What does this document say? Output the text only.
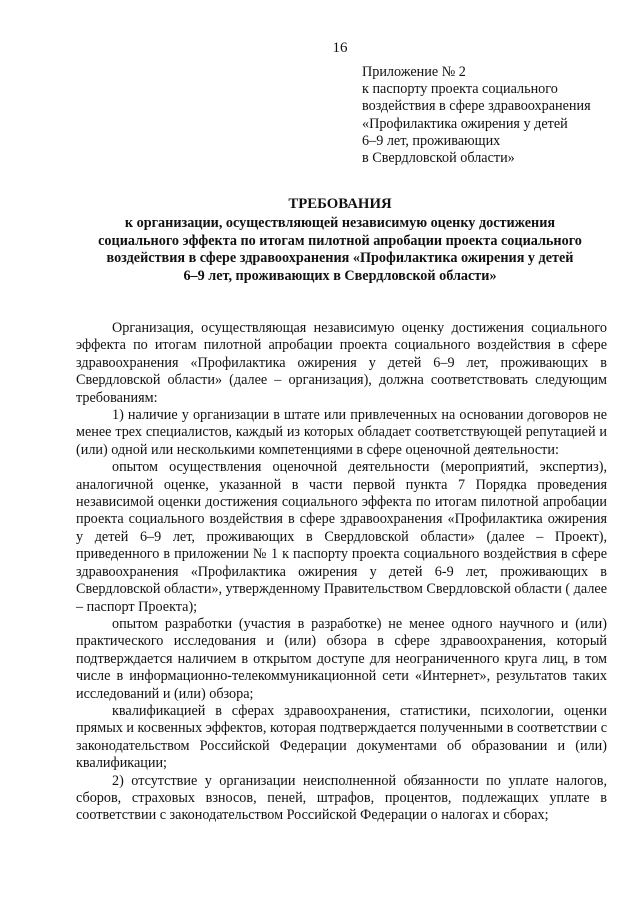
16
Приложение № 2
к паспорту проекта социального
воздействия в сфере здравоохранения
«Профилактика ожирения у детей
6–9 лет, проживающих
в Свердловской области»
ТРЕБОВАНИЯ
к организации, осуществляющей независимую оценку достижения
социального эффекта по итогам пилотной апробации проекта социального
воздействия в сфере здравоохранения «Профилактика ожирения у детей
6–9 лет, проживающих в Свердловской области»

Организация, осуществляющая независимую оценку достижения социального эффекта по итогам пилотной апробации проекта социального воздействия в сфере здравоохранения «Профилактика ожирения у детей 6–9 лет, проживающих в Свердловской области» (далее – организация), должна соответствовать следующим требованиям:

1) наличие у организации в штате или привлеченных на основании договоров не менее трех специалистов, каждый из которых обладает соответствующей репутацией и (или) одной или несколькими компетенциями в сфере оценочной деятельности:

опытом осуществления оценочной деятельности (мероприятий, экспертиз), аналогичной оценке, указанной в части первой пункта 7 Порядка проведения независимой оценки достижения социального эффекта по итогам пилотной апробации проекта социального воздействия в сфере здравоохранения «Профилактика ожирения у детей 6–9 лет, проживающих в Свердловской области» (далее – Проект), приведенного в приложении № 1 к паспорту проекта социального воздействия в сфере здравоохранения «Профилактика ожирения у детей 6-9 лет, проживающих в Свердловской области», утвержденному Правительством Свердловской области ( далее – паспорт Проекта);

опытом разработки (участия в разработке) не менее одного научного и (или) практического исследования и (или) обзора в сфере здравоохранения, который подтверждается наличием в открытом доступе для неограниченного круга лиц, в том числе в информационно-телекоммуникационной сети «Интернет», результатов таких исследований и (или) обзора;

квалификацией в сферах здравоохранения, статистики, психологии, оценки прямых и косвенных эффектов, которая подтверждается полученными в соответствии с законодательством Российской Федерации документами об образовании и (или) квалификации;

2) отсутствие у организации неисполненной обязанности по уплате налогов, сборов, страховых взносов, пеней, штрафов, процентов, подлежащих уплате в соответствии с законодательством Российской Федерации о налогах и сборах;
